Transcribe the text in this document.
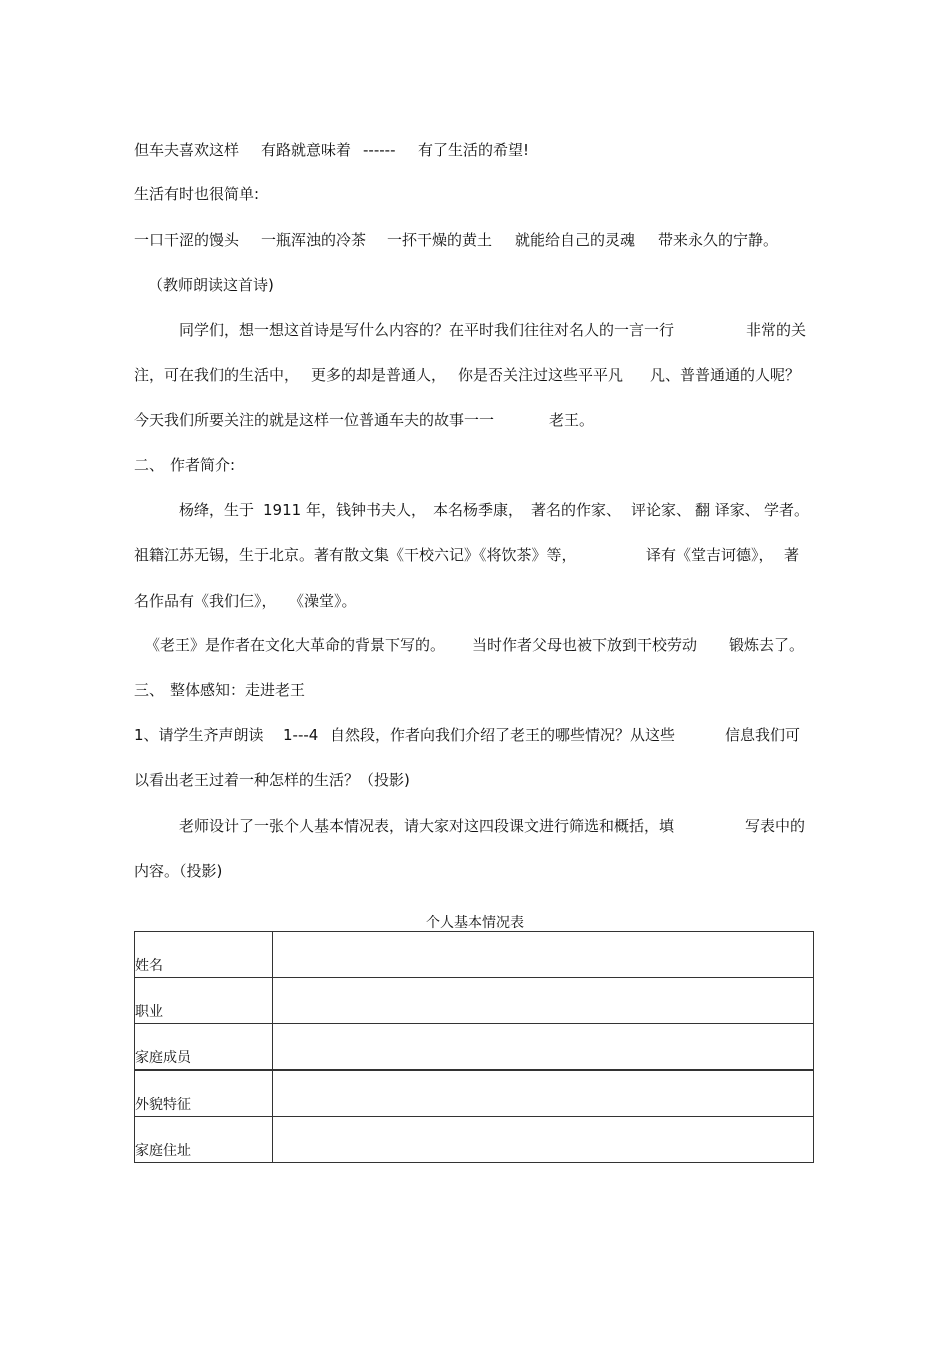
但车夫喜欢这样 有路就意味着 ------ 有了生活的希望!
生活有时也很简单:
一口干涩的馒头 一瓶浑浊的冷茶 一抔干燥的黄土 就能给自己的灵魂 带来永久的宁静。
（教师朗读这首诗)
同学们，想一想这首诗是写什么内容的？在平时我们往往对名人的一言一行	非常的关
注，可在我们的生活中， 更多的却是普通人， 你是否关注过这些平平凡 凡、普普通通的人呢？
今天我们所要关注的就是这样一位普通车夫的故事一一	老王。
二、 作者简介:
杨绛，生于 1911 年，钱钟书夫人， 本名杨季康， 著名的作家、 评论家、 翻 译家、 学者。
祖籍江苏无锡，生于北京。著有散文集《干校六记》《将饮茶》等，	译有《堂吉诃德》， 著
名作品有《我们仨》， 《澡堂》。
《老王》是作者在文化大革命的背景下写的。 当时作者父母也被下放到干校劳动 锻炼去了。
三、 整体感知：走进老王
1、请学生齐声朗读 1---4 自然段，作者向我们介绍了老王的哪些情况？从这些	信息我们可
以看出老王过着一种怎样的生活？（投影)
老师设计了一张个人基本情况表，请大家对这四段课文进行筛选和概括，填	写表中的
内容。（投影)
个人基本情况表
姓名	

职业	

家庭成员	

外貌特征	

家庭住址	
